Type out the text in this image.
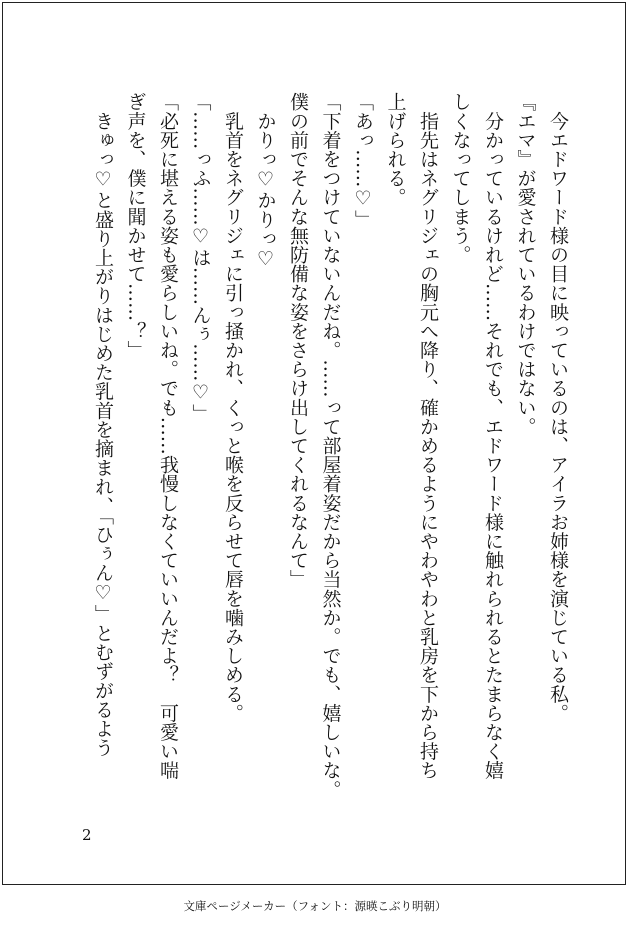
　今エドワード様の目に映っているのは、アイラお姉様を演じている私。

『エマ』が愛されているわけではない。

　分かっているけれど……それでも、エドワード様に触れられるとたまらなく嬉

しくなってしまう。

　指先はネグリジェの胸元へ降り、確かめるようにやわやわと乳房を下から持ち

上げられる。

「あっ……♡」

「下着をつけていないんだね。……って部屋着姿だから当然か。でも、嬉しいな。

僕の前でそんな無防備な姿をさらけ出してくれるなんて」

　かりっ♡かりっ♡

　乳首をネグリジェに引っ掻かれ、くっと喉を反らせて唇を噛みしめる。

「……っふ……♡は……んぅ……♡」

「必死に堪える姿も愛らしいね。でも……我慢しなくていいんだよ？　可愛い喘

ぎ声を、僕に聞かせて……？」

　きゅっ♡と盛り上がりはじめた乳首を摘まれ、「ひぅん♡」とむずがるよう

2
文庫ページメーカー（フォント：源暎こぶり明朝）
